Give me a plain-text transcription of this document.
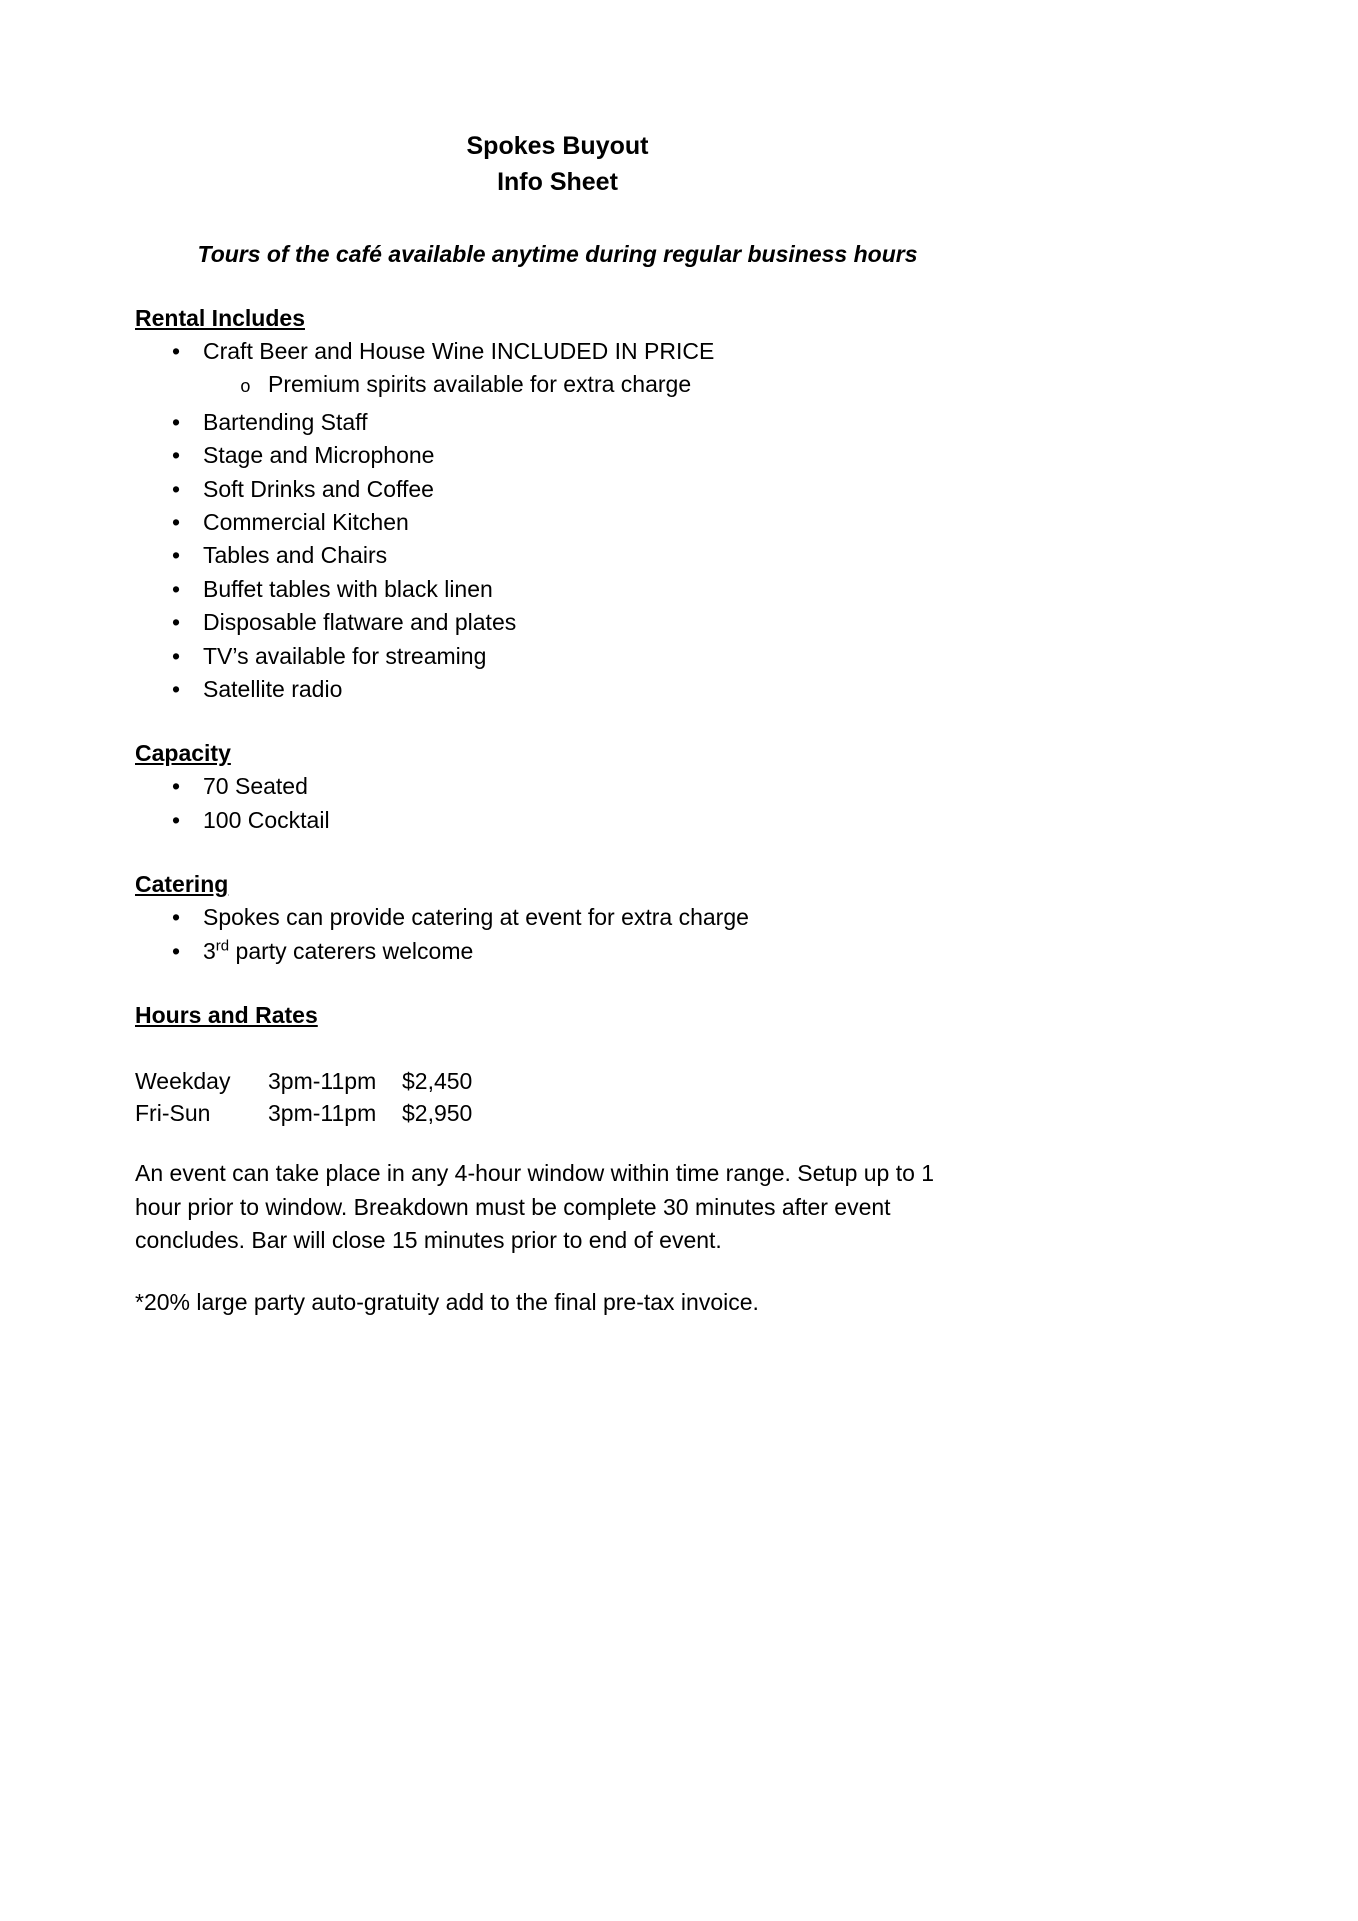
Spokes Buyout
Info Sheet
Tours of the café available anytime during regular business hours
Rental Includes
•
Craft Beer and House Wine INCLUDED IN PRICE
o
Premium spirits available for extra charge
•
Bartending Staff
•
Stage and Microphone
•
Soft Drinks and Coffee
•
Commercial Kitchen
•
Tables and Chairs
•
Buffet tables with black linen
•
Disposable flatware and plates
•
TV’s available for streaming
•
Satellite radio
Capacity
•
70 Seated
•
100 Cocktail
Catering
•
Spokes can provide catering at event for extra charge
•
3rd party caterers welcome
Hours and Rates
Weekday	3pm-11pm	$2,450
Fri-Sun	3pm-11pm	$2,950

An event can take place in any 4-hour window within time range. Setup up to 1 hour prior to window. Breakdown must be complete 30 minutes after event concludes. Bar will close 15 minutes prior to end of event.

*20% large party auto-gratuity add to the final pre-tax invoice.
